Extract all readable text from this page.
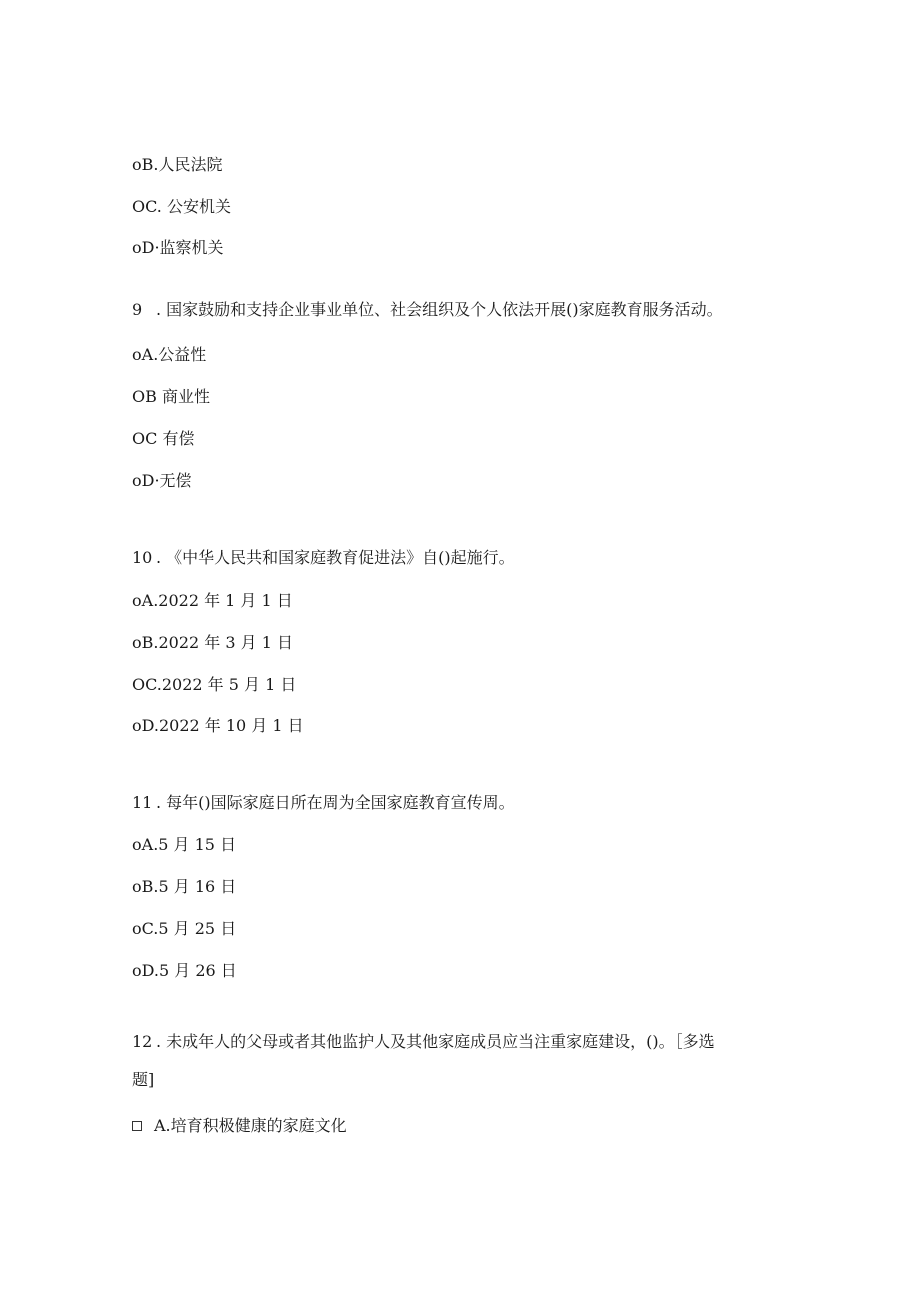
oB.人民法院
OC. 公安机关
oD·监察机关
9 . 国家鼓励和支持企业事业单位、社会组织及个人依法开展()家庭教育服务活动。
oA.公益性
OB 商业性
OC 有偿
oD·无偿
10 . 《中华人民共和国家庭教育促进法》自()起施行。
oA.2022 年 1 月 1 日
oB.2022 年 3 月 1 日
OC.2022 年 5 月 1 日
oD.2022 年 10 月 1 日
11 . 每年()国际家庭日所在周为全国家庭教育宣传周。
oA.5 月 15 日
oB.5 月 16 日
oC.5 月 25 日
oD.5 月 26 日
12 . 未成年人的父母或者其他监护人及其他家庭成员应当注重家庭建设，()。［多选
题]
A.培育积极健康的家庭文化
